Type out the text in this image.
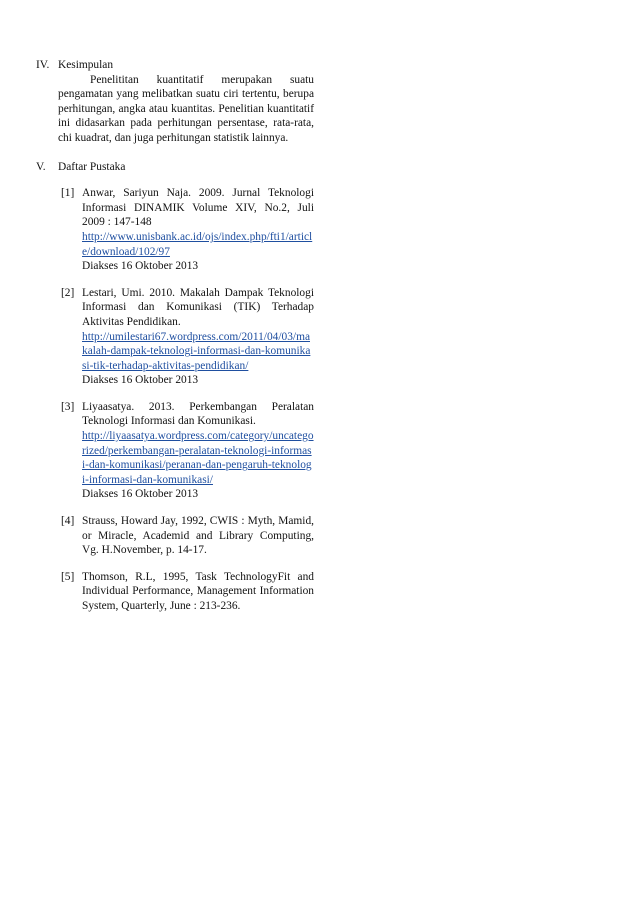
IV. Kesimpulan

Penelititan kuantitatif merupakan suatu pengamatan yang melibatkan suatu ciri tertentu, berupa perhitungan, angka atau kuantitas. Penelitian kuantitatif ini didasarkan pada perhitungan persentase, rata-rata, chi kuadrat, dan juga perhitungan statistik lainnya.

V.	Daftar Pustaka
[1] Anwar, Sariyun Naja. 2009. Jurnal Teknologi Informasi DINAMIK Volume XIV, No.2, Juli 2009 : 147-148
http://www.unisbank.ac.id/ojs/index.php/fti1/article/download/102/97
Diakses 16 Oktober 2013
[2] Lestari, Umi. 2010. Makalah Dampak Teknologi Informasi dan Komunikasi (TIK) Terhadap Aktivitas Pendidikan.
http://umilestari67.wordpress.com/2011/04/03/makalah-dampak-teknologi-informasi-dan-komunikasi-tik-terhadap-aktivitas-pendidikan/
Diakses 16 Oktober 2013
[3] Liyaasatya. 2013. Perkembangan Peralatan Teknologi Informasi dan Komunikasi.
http://liyaasatya.wordpress.com/category/uncategorized/perkembangan-peralatan-teknologi-informasi-dan-komunikasi/peranan-dan-pengaruh-teknologi-informasi-dan-komunikasi/
Diakses 16 Oktober 2013
[4] Strauss, Howard Jay, 1992, CWIS : Myth, Mamid, or Miracle, Academid and Library Computing, Vg. H.November, p. 14-17.
[5] Thomson, R.L, 1995, Task TechnologyFit and Individual Performance, Management Information System, Quarterly, June : 213-236.
